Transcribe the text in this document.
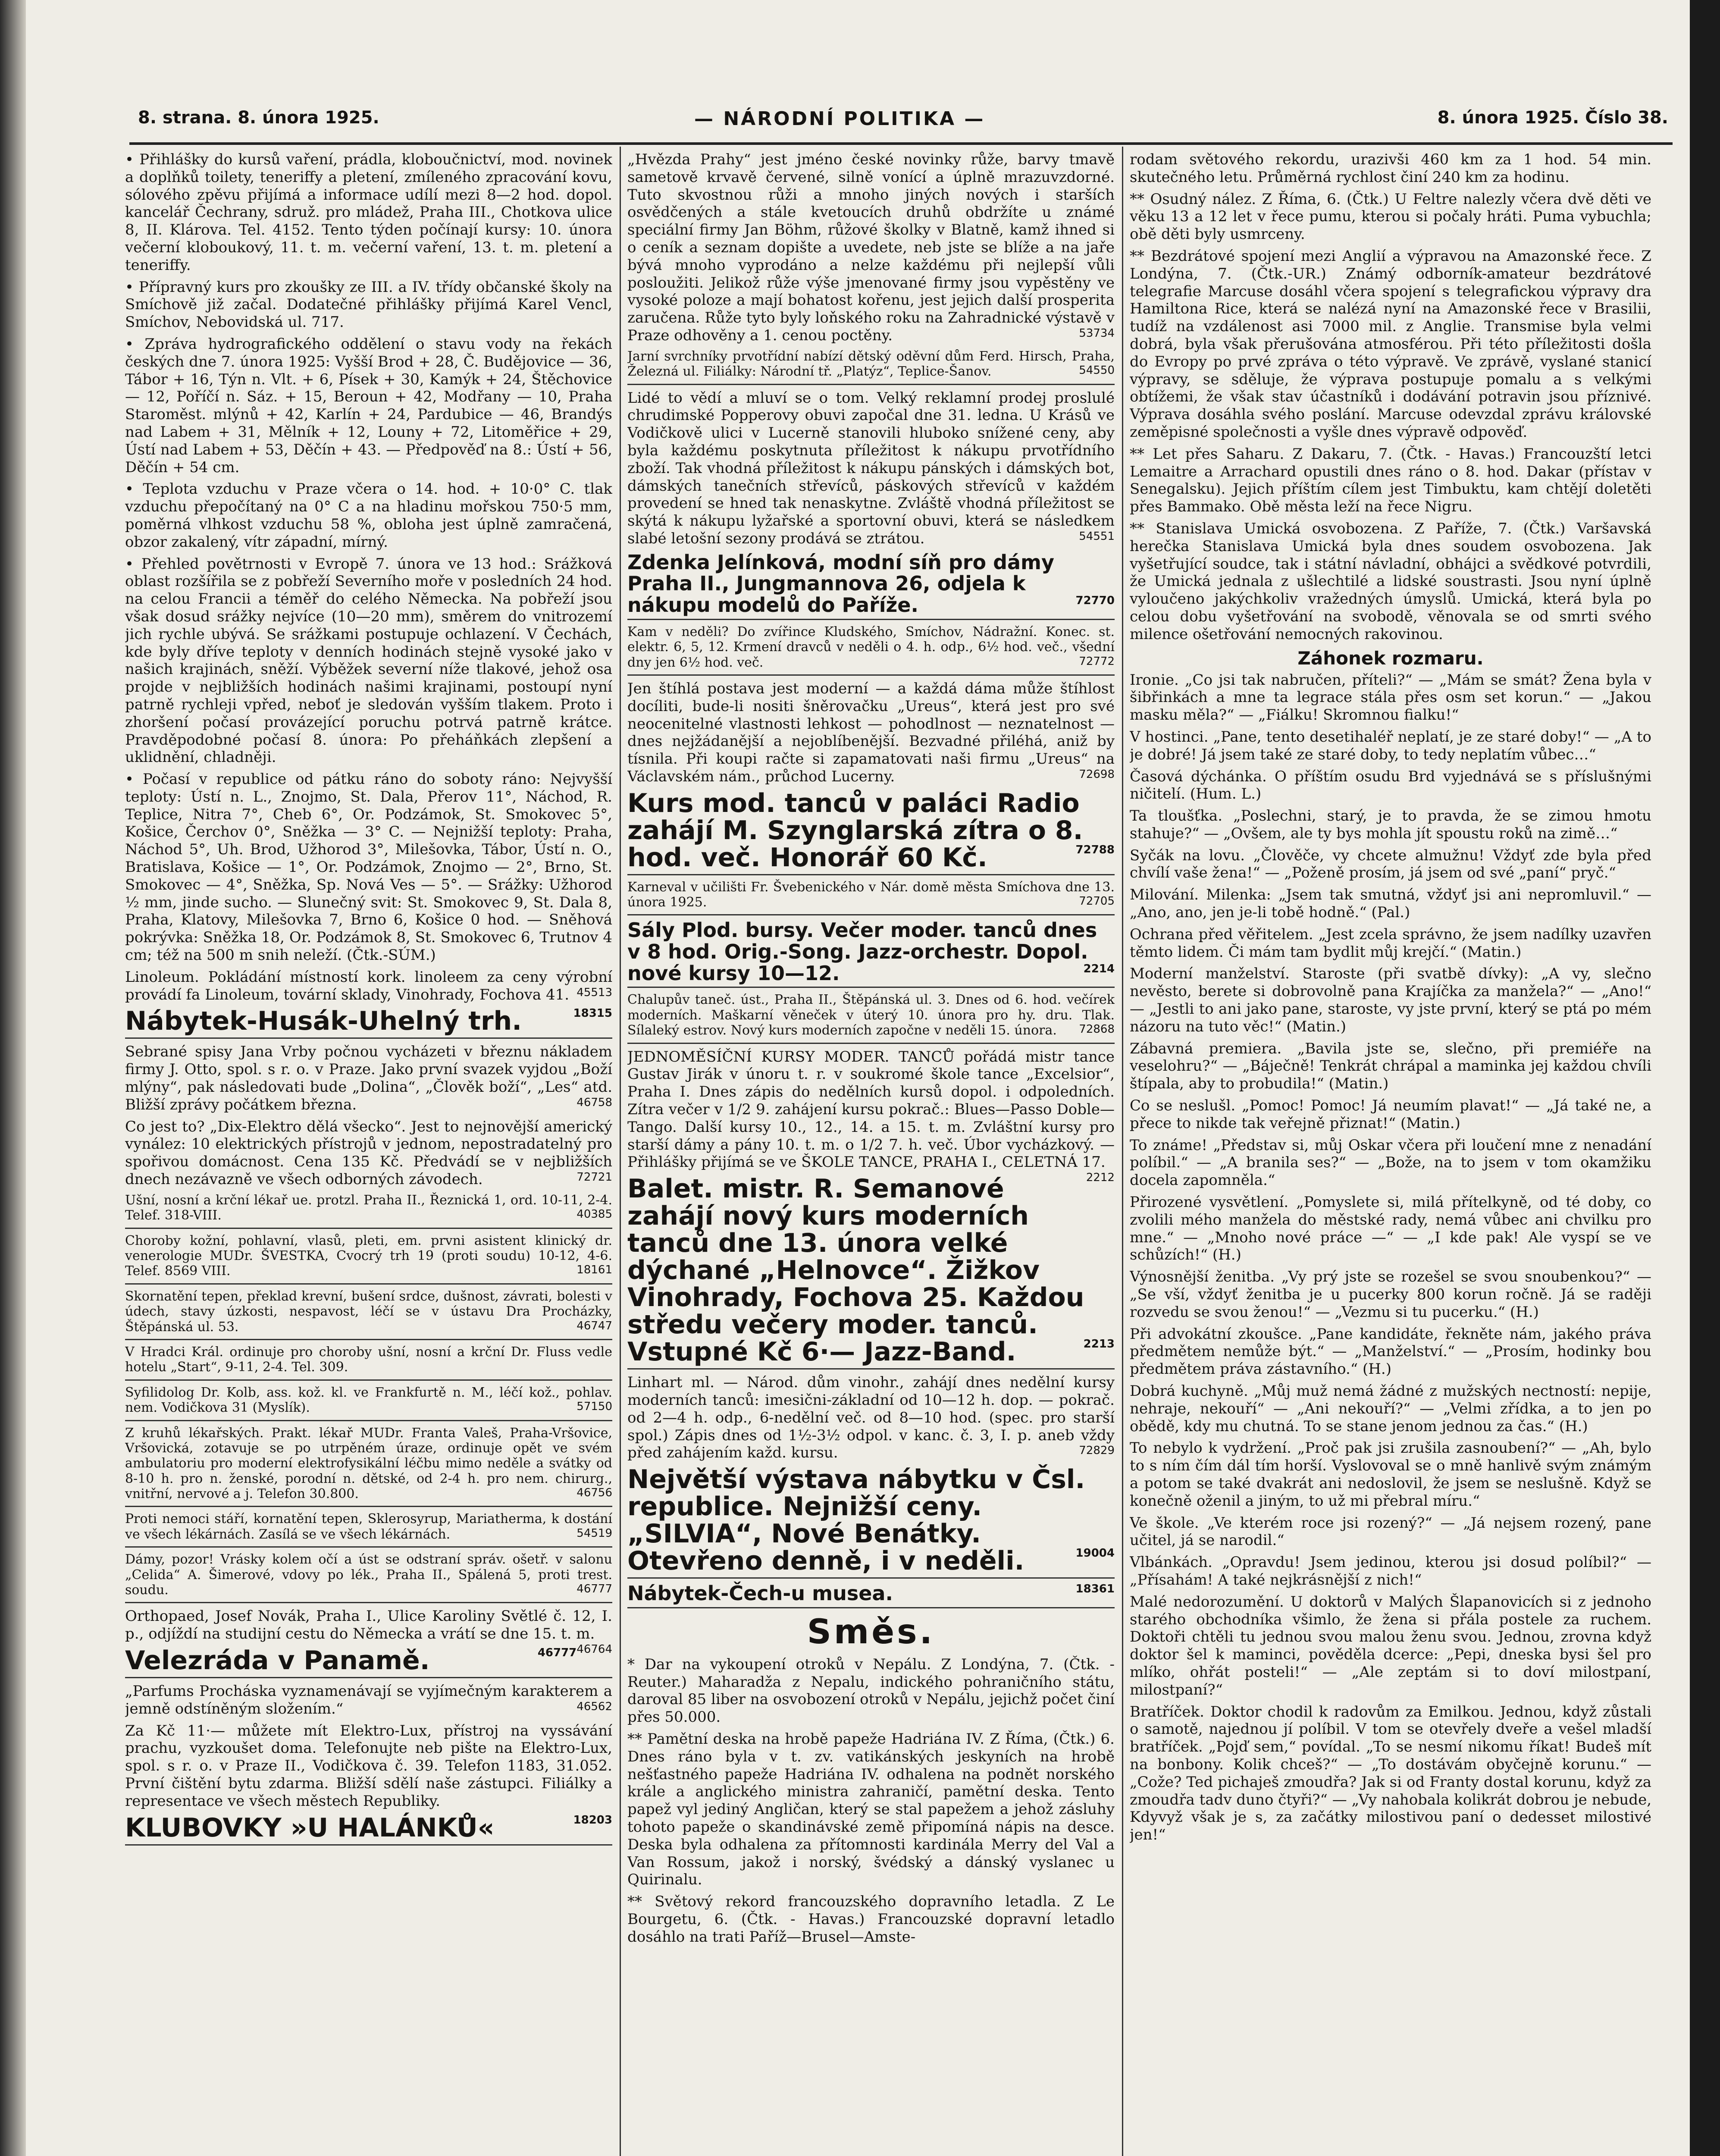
8. strana. 8. února 1925.	— NÁRODNÍ POLITIKA —	8. února 1925. Číslo 38.
• Přihlášky do kursů vaření, prádla, kloboučnictví, mod. novinek a doplňků toilety, teneriffy a pletení, zmíleného zpracování kovu, sólového zpěvu přijímá a informace udílí mezi 8—2 hod. dopol. kancelář Čechrany, sdruž. pro mládež, Praha III., Chotkova ulice 8, II. Klárova. Tel. 4152. Tento týden počínají kursy: 10. února večerní kloboukový, 11. t. m. večerní vaření, 13. t. m. pletení a teneriffy.
• Přípravný kurs pro zkoušky ze III. a IV. třídy občanské školy na Smíchově již začal. Dodatečné přihlášky přijímá Karel Vencl, Smíchov, Nebovidská ul. 717.
• Zpráva hydrografického oddělení o stavu vody na řekách českých dne 7. února 1925: Vyšší Brod + 28, Č. Budějovice — 36, Tábor + 16, Týn n. Vlt. + 6, Písek + 30, Kamýk + 24, Štěchovice — 12, Poříčí n. Sáz. + 15, Beroun + 42, Modřany — 10, Praha Staroměst. mlýnů + 42, Karlín + 24, Pardubice — 46, Brandýs nad Labem + 31, Mělník + 12, Louny + 72, Litoměřice + 29, Ústí nad Labem + 53, Děčín + 43. — Předpověď na 8.: Ústí + 56, Děčín + 54 cm.
• Teplota vzduchu v Praze včera o 14. hod. + 10·0° C. tlak vzduchu přepočítaný na 0° C a na hladinu mořskou 750·5 mm, poměrná vlhkost vzduchu 58 %, obloha jest úplně zamračená, obzor zakalený, vítr západní, mírný.
• Přehled povětrnosti v Evropě 7. února ve 13 hod.: Srážková oblast rozšířila se z pobřeží Severního moře v posledních 24 hod. na celou Francii a téměř do celého Německa. Na pobřeží jsou však dosud srážky nejvíce (10—20 mm), směrem do vnitrozemí jich rychle ubývá. Se srážkami postupuje ochlazení. V Čechách, kde byly dříve teploty v denních hodinách stejně vysoké jako v našich krajinách, sněží. Výběžek severní níže tlakové, jehož osa projde v nejbližších hodinách našimi krajinami, postoupí nyní patrně rychleji vpřed, neboť je sledován vyšším tlakem. Proto i zhoršení počasí provázející poruchu potrvá patrně krátce. Pravděpodobné počasí 8. února: Po přeháňkách zlepšení a uklidnění, chladněji.
• Počasí v republice od pátku ráno do soboty ráno: Nejvyšší teploty: Ústí n. L., Znojmo, St. Dala, Přerov 11°, Náchod, R. Teplice, Nitra 7°, Cheb 6°, Or. Podzámok, St. Smokovec 5°, Košice, Čerchov 0°, Sněžka — 3° C. — Nejnižší teploty: Praha, Náchod 5°, Uh. Brod, Užhorod 3°, Milešovka, Tábor, Ústí n. O., Bratislava, Košice — 1°, Or. Podzámok, Znojmo — 2°, Brno, St. Smokovec — 4°, Sněžka, Sp. Nová Ves — 5°. — Srážky: Užhorod ½ mm, jinde sucho. — Slunečný svit: St. Smokovec 9, St. Dala 8, Praha, Klatovy, Milešovka 7, Brno 6, Košice 0 hod. — Sněhová pokrývka: Sněžka 18, Or. Podzámok 8, St. Smokovec 6, Trutnov 4 cm; též na 500 m snih neleží. (Čtk.-SÚM.)
Linoleum. Pokládání místností kork. linoleem za ceny výrobní provádí fa Linoleum, tovární sklady, Vinohrady, Fochova 41. 45513
Nábytek-Husák-Uhelný trh.	18315
Sebrané spisy Jana Vrby počnou vycházeti v březnu nákladem firmy J. Otto, spol. s r. o. v Praze. Jako první svazek vyjdou „Boží mlýny“, pak následovati bude „Dolina“, „Člověk boží“, „Les“ atd. Bližší zprávy počátkem března.	46758
Co jest to? „Dix-Elektro dělá všecko“. Jest to nejnovější americký vynález: 10 elektrických přístrojů v jednom, nepostradatelný pro spořivou domácnost. Cena 135 Kč. Předvádí se v nejbližších dnech nezávazně ve všech odborných závodech.	72721
Ušní, nosní a krční lékař ue. protzl. Praha II., Řeznická 1, ord. 10-11, 2-4. Telef. 318-VIII.	40385
Choroby kožní, pohlavní, vlasů, pleti, em. prvni asistent klinický dr. venerologie MUDr. ŠVESTKA, Cvocrý trh 19 (proti soudu) 10-12, 4-6. Telef. 8569 VIII.	18161
Skornatění tepen, překlad krevní, bušení srdce, dušnost, závrati, bolesti v údech, stavy úzkosti, nespavost, léčí se v ústavu Dra Procházky, Štěpánská ul. 53.	46747
V Hradci Král. ordinuje pro choroby ušní, nosní a krční Dr. Fluss vedle hotelu „Start“, 9-11, 2-4. Tel. 309.
Syfilidolog Dr. Kolb, ass. kož. kl. ve Frankfurtě n. M., léčí kož., pohlav. nem. Vodičkova 31 (Myslík).	57150
Z kruhů lékařských. Prakt. lékař MUDr. Franta Valeš, Praha-Vršovice, Vršovická, zotavuje se po utrpěném úraze, ordinuje opět ve svém ambulatoriu pro moderní elektrofysikální léčbu mimo neděle a svátky od 8-10 h. pro n. ženské, porodní n. dětské, od 2-4 h. pro nem. chirurg., vnitřní, nervové a j. Telefon 30.800.	46756
Proti nemoci stáří, kornatění tepen, Sklerosyrup, Mariatherma, k dostání ve všech lékárnách. Zasílá se ve všech lékárnách.	54519
Dámy, pozor! Vrásky kolem očí a úst se odstraní správ. ošetř. v salonu „Celida“ A. Šimerové, vdovy po lék., Praha II., Spálená 5, proti trest. soudu.	46777
Orthopaed, Josef Novák, Praha I., Ulice Karoliny Světlé č. 12, I. p., odjíždí na studijní cestu do Německa a vrátí se dne 15. t. m.
46764
Velezráda v Panamě.	46777
„Parfums Procháska vyznamenávají se vyjímečným karakterem a jemně odstíněným složením.“	46562
Za Kč 11·— můžete mít Elektro-Lux, přístroj na vyssávání prachu, vyzkoušet doma. Telefonujte neb pište na Elektro-Lux, spol. s r. o. v Praze II., Vodičkova č. 39. Telefon 1183, 31.052. První čištění bytu zdarma. Bližší sdělí naše zástupci. Filiálky a representace ve všech městech Republiky.
KLUBOVKY »U HALÁNKŮ«	18203
„Hvězda Prahy“ jest jméno české novinky růže, barvy tmavě sametově krvavě červené, silně vonící a úplně mrazuvzdorné. Tuto skvostnou růži a mnoho jiných nových i starších osvědčených a stále kvetoucích druhů obdržíte u známé speciální firmy Jan Böhm, růžové školky v Blatně, kamž ihned si o ceník a seznam dopište a uvedete, neb jste se blíže a na jaře bývá mnoho vyprodáno a nelze každému při nejlepší vůli posloužiti. Jelikož růže výše jmenované firmy jsou vypěstěny ve vysoké poloze a mají bohatost kořenu, jest jejich další prosperita zaručena. Růže tyto byly loňského roku na Zahradnické výstavě v Praze odhověny a 1. cenou poctěny.	53734
Jarní svrchníky prvotřídní nabízí dětský oděvní dům Ferd. Hirsch, Praha, Železná ul. Filiálky: Národní tř. „Platýz“, Teplice-Šanov.	54550
Lidé to vědí a mluví se o tom. Velký reklamní prodej proslulé chrudimské Popperovy obuvi započal dne 31. ledna. U Krásů ve Vodičkově ulici v Lucerně stanovili hluboko snížené ceny, aby byla každému poskytnuta příležitost k nákupu prvotřídního zboží. Tak vhodná příležitost k nákupu pánských i dámských bot, dámských tanečních střevíců, páskových střevíců v každém provedení se hned tak nenaskytne. Zvláště vhodná příležitost se skýtá k nákupu lyžařské a sportovní obuvi, která se následkem slabé letošní sezony prodává se ztrátou.	54551
Zdenka Jelínková, modní síň pro dámy Praha II., Jungmannova 26, odjela k nákupu modelů do Paříže.	72770
Kam v neděli? Do zvířince Kludského, Smíchov, Nádražní. Konec. st. elektr. 6, 5, 12. Krmení dravců v neděli o 4. h. odp., 6½ hod. več., všední dny jen 6½ hod. več.	72772
Jen štíhlá postava jest moderní — a každá dáma může štíhlost docíliti, bude-li nositi šněrovačku „Ureus“, která jest pro své neocenitelné vlastnosti lehkost — pohodlnost — neznatelnost — dnes nejžádanější a nejoblíbenější. Bezvadné přiléhá, aniž by tísnila. Při koupi račte si zapamatovati naši firmu „Ureus“ na Václavském nám., průchod Lucerny.	72698
Kurs mod. tanců v paláci Radio zahájí M. Szynglarská zítra o 8. hod. več. Honorář 60 Kč.	72788
Karneval v učilišti Fr. Švebenického v Nár. domě města Smíchova dne 13. února 1925.	72705
Sály Plod. bursy. Večer moder. tanců dnes v 8 hod. Orig.-Song. Jazz-orchestr. Dopol. nové kursy 10—12.	2214
Chalupův taneč. úst., Praha II., Štěpánská ul. 3. Dnes od 6. hod. večírek moderních. Maškarní věneček v úterý 10. února pro hy. dru. Tlak. Sílaleký estrov. Nový kurs moderních započne v neděli 15. února. 72868
JEDNOMĚSÍČNÍ KURSY MODER. TANCŮ pořádá mistr tance Gustav Jirák v únoru t. r. v soukromé škole tance „Excelsior“, Praha I. Dnes zápis do nedělních kursů dopol. i odpoledních. Zítra večer v 1/2 9. zahájení kursu pokrač.: Blues—Passo Doble—Tango. Další kursy 10., 12., 14. a 15. t. m. Zvláštní kursy pro starší dámy a pány 10. t. m. o 1/2 7. h. več. Úbor vycházkový. — Přihlášky přijímá se ve ŠKOLE TANCE, PRAHA I., CELETNÁ 17.
2212
Balet. mistr. R. Semanové zahájí nový kurs moderních tanců dne 13. února velké dýchané „Helnovce“. Žižkov Vinohrady, Fochova 25. Každou středu večery moder. tanců. Vstupné Kč 6·— Jazz-Band.	2213
Linhart ml. — Národ. dům vinohr., zahájí dnes nedělní kursy moderních tanců: imesični-základní od 10—12 h. dop. — pokrač. od 2—4 h. odp., 6-nedělní več. od 8—10 hod. (spec. pro starší spol.) Zápis dnes od 1½-3½ odpol. v kanc. č. 3, I. p. aneb vždy před zahájením každ. kursu.	72829
Největší výstava nábytku v Čsl. republice. Nejnižší ceny. „SILVIA“, Nové Benátky. Otevřeno denně, i v neděli.	19004
Nábytek-Čech-u musea.	18361
Směs.
* Dar na vykoupení otroků v Nepálu. Z Londýna, 7. (Čtk. - Reuter.) Maharadža z Nepalu, indického pohraničního státu, daroval 85 liber na osvobození otroků v Nepálu, jejichž počet činí přes 50.000.
** Pamětní deska na hrobě papeže Hadriána IV. Z Říma, (Čtk.) 6. Dnes ráno byla v t. zv. vatikánských jeskyních na hrobě nešťastného papeže Hadriána IV. odhalena na podnět norského krále a anglického ministra zahraničí, pamětní deska. Tento papež vyl jediný Angličan, který se stal papežem a jehož zásluhy tohoto papeže o skandinávské země připomíná nápis na desce. Deska byla odhalena za přítomnosti kardinála Merry del Val a Van Rossum, jakož i norský, švédský a dánský vyslanec u Quirinalu.
** Světový rekord francouzského dopravního letadla. Z Le Bourgetu, 6. (Čtk. - Havas.) Francouzské dopravní letadlo dosáhlo na trati Paříž—Brusel—Amste-
rodam světového rekordu, urazivši 460 km za 1 hod. 54 min. skutečného letu. Průměrná rychlost činí 240 km za hodinu.
** Osudný nález. Z Říma, 6. (Čtk.) U Feltre nalezly včera dvě děti ve věku 13 a 12 let v řece pumu, kterou si počaly hráti. Puma vybuchla; obě děti byly usmrceny.
** Bezdrátové spojení mezi Anglií a výpravou na Amazonské řece. Z Londýna, 7. (Čtk.-UR.) Známý odborník-amateur bezdrátové telegrafie Marcuse dosáhl včera spojení s telegrafickou výpravy dra Hamiltona Rice, která se nalézá nyní na Amazonské řece v Brasilii, tudíž na vzdálenost asi 7000 mil. z Anglie. Transmise byla velmi dobrá, byla však přerušována atmosférou. Při této příležitosti došla do Evropy po prvé zpráva o této výpravě. Ve zprávě, vyslané stanicí výpravy, se sděluje, že výprava postupuje pomalu a s velkými obtížemi, že však stav účastníků i dodávání potravin jsou příznivé. Výprava dosáhla svého poslání. Marcuse odevzdal zprávu královské zeměpisné společnosti a vyšle dnes výpravě odpověď.
** Let přes Saharu. Z Dakaru, 7. (Čtk. - Havas.) Francouzští letci Lemaitre a Arrachard opustili dnes ráno o 8. hod. Dakar (přístav v Senegalsku). Jejich příštím cílem jest Timbuktu, kam chtějí doletěti přes Bammako. Obě města leží na řece Nigru.
** Stanislava Umická osvobozena. Z Paříže, 7. (Čtk.) Varšavská herečka Stanislava Umická byla dnes soudem osvobozena. Jak vyšetřující soudce, tak i státní návladní, obhájci a svědkové potvrdili, že Umická jednala z ušlechtilé a lidské soustrasti. Jsou nyní úplně vyloučeno jakýchkoliv vražedných úmyslů. Umická, která byla po celou dobu vyšetřování na svobodě, věnovala se od smrti svého milence ošetřování nemocných rakovinou.
Záhonek rozmaru.
Ironie. „Co jsi tak nabručen, příteli?“ — „Mám se smát? Žena byla v šibřinkách a mne ta legrace stála přes osm set korun.“ — „Jakou masku měla?“ — „Fiálku! Skromnou fialku!“
V hostinci. „Pane, tento desetihaléř neplatí, je ze staré doby!“ — „A to je dobré! Já jsem také ze staré doby, to tedy neplatím vůbec…“
Časová dýchánka. O příštím osudu Brd vyjednává se s příslušnými ničitelí. (Hum. L.)
Ta tloušťka. „Poslechni, starý, je to pravda, že se zimou hmotu stahuje?“ — „Ovšem, ale ty bys mohla jít spoustu roků na zimě…“
Syčák na lovu. „Člověče, vy chcete almužnu! Vždyť zde byla před chvílí vaše žena!“ — „Poženě prosím, já jsem od své „paní“ pryč.“
Milování. Milenka: „Jsem tak smutná, vždyť jsi ani nepromluvil.“ — „Ano, ano, jen je-li tobě hodně.“ (Pal.)
Ochrana před věřitelem. „Jest zcela správno, že jsem nadílky uzavřen těmto lidem. Či mám tam bydlit můj krejčí.“ (Matin.)
Moderní manželství. Staroste (při svatbě dívky): „A vy, slečno nevěsto, berete si dobrovolně pana Krajíčka za manžela?“ — „Ano!“ — „Jestli to ani jako pane, staroste, vy jste první, který se ptá po mém názoru na tuto věc!“ (Matin.)
Zábavná premiera. „Bavila jste se, slečno, při premiéře na veselohru?“ — „Báječně! Tenkrát chrápal a maminka jej každou chvíli štípala, aby to probudila!“ (Matin.)
Co se neslušl. „Pomoc! Pomoc! Já neumím plavat!“ — „Já také ne, a přece to nikde tak veřejně přiznat!“ (Matin.)
To známe! „Představ si, můj Oskar včera při loučení mne z nenadání políbil.“ — „A branila ses?“ — „Bože, na to jsem v tom okamžiku docela zapomněla.“
Přirozené vysvětlení. „Pomyslete si, milá přítelkyně, od té doby, co zvolili mého manžela do městské rady, nemá vůbec ani chvilku pro mne.“ — „Mnoho nové práce —“ — „I kde pak! Ale vyspí se ve schůzích!“ (H.)
Výnosnější ženitba. „Vy prý jste se rozešel se svou snoubenkou?“ — „Se vší, vždyť ženitba je u pucerky 800 korun ročně. Já se raději rozvedu se svou ženou!“ — „Vezmu si tu pucerku.“ (H.)
Při advokátní zkoušce. „Pane kandidáte, řekněte nám, jakého práva předmětem nemůže být.“ — „Manželství.“ — „Prosím, hodinky bou předmětem práva zástavního.“ (H.)
Dobrá kuchyně. „Můj muž nemá žádné z mužských nectností: nepije, nehraje, nekouří“ — „Ani nekouří?“ — „Velmi zřídka, a to jen po obědě, kdy mu chutná. To se stane jenom jednou za čas.“ (H.)
To nebylo k vydržení. „Proč pak jsi zrušila zasnoubení?“ — „Ah, bylo to s ním čím dál tím horší. Vyslovoval se o mně hanlivě svým známým a potom se také dvakrát ani nedoslovil, že jsem se neslušně. Když se konečně oženil a jiným, to už mi přebral míru.“
Ve škole. „Ve kterém roce jsi rozený?“ — „Já nejsem rozený, pane učitel, já se narodil.“
Vlbánkách. „Opravdu! Jsem jedinou, kterou jsi dosud políbil?“ — „Přísahám! A také nejkrásnější z nich!“
Malé nedorozumění. U doktorů v Malých Šlapanovicích si z jednoho starého obchodníka všimlo, že žena si přála postele za ruchem. Doktoři chtěli tu jednou svou malou ženu svou. Jednou, zrovna když doktor šel k maminci, pověděla dcerce: „Pepi, dneska bysi šel pro mlíko, ohřát posteli!“ — „Ale zeptám si to doví milostpaní, milostpaní?“
Bratříček. Doktor chodil k radovům za Emilkou. Jednou, když zůstali o samotě, najednou jí políbil. V tom se otevřely dveře a vešel mladší bratříček. „Pojď sem,“ povídal. „To se nesmí nikomu říkat! Budeš mít na bonbony. Kolik chceš?“ — „To dostávám obyčejně korunu.“ — „Cože? Ted pichaješ zmoudřa? Jak si od Franty dostal korunu, když za zmoudřa tadv duno čtyři?“ — „Vy nahobala kolikrát dobrou je nebude, Kdyvyž však je s, za začátky milostivou paní o dedesset milostivé jen!“
